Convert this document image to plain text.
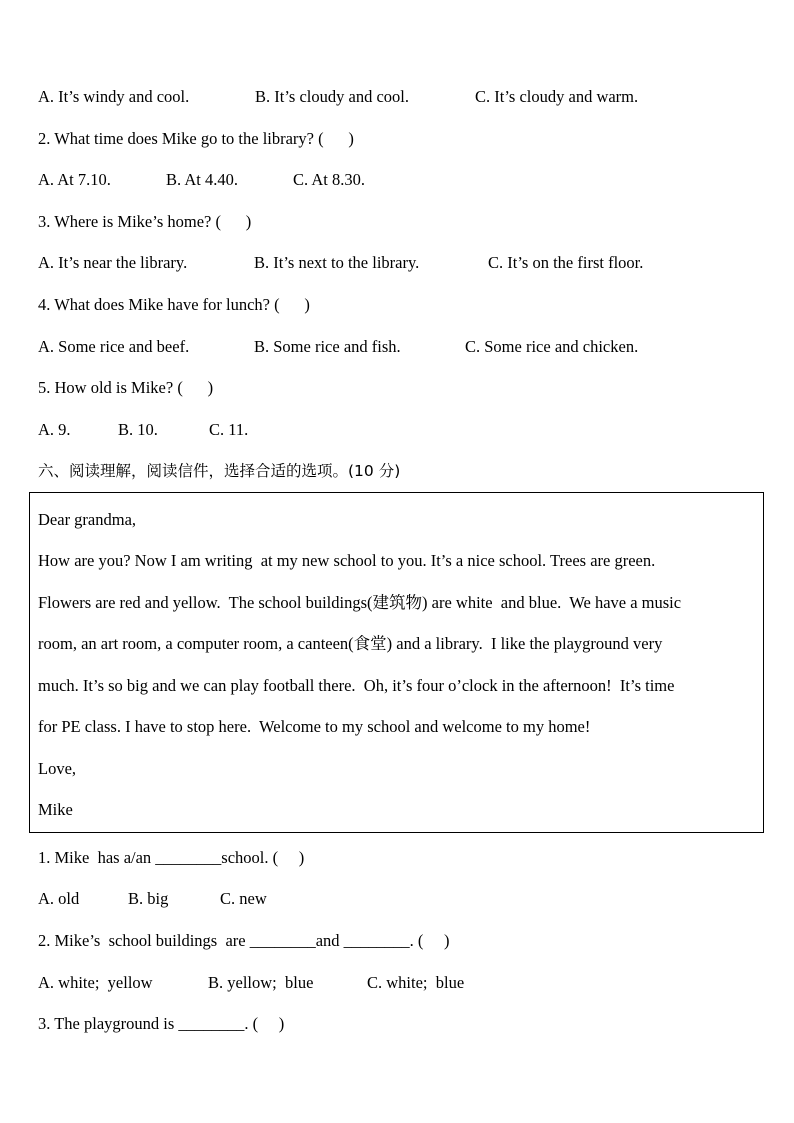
A. It’s windy and cool.	B. It’s cloudy and cool.	C. It’s cloudy and warm.
2. What time does Mike go to the library? (      )
A. At 7.10.	B. At 4.40.	C. At 8.30.
3. Where is Mike’s home? (      )
A. It’s near the library.	B. It’s next to the library.	C. It’s on the first floor.
4. What does Mike have for lunch? (      )
A. Some rice and beef.	B. Some rice and fish.	C. Some rice and chicken.
5. How old is Mike? (      )
A. 9.	B. 10.	C. 11.
六、阅读理解，阅读信件，选择合适的选项。(10 分)
Dear grandma,
How are you? Now I am writing  at my new school to you. It’s a nice school. Trees are green.
Flowers are red and yellow.  The school buildings(建筑物) are white  and blue.  We have a music
room, an art room, a computer room, a canteen(食堂) and a library.  I like the playground very
much. It’s so big and we can play football there.  Oh, it’s four o’clock in the afternoon!  It’s time
for PE class. I have to stop here.  Welcome to my school and welcome to my home!
Love,
Mike
1. Mike  has a/an ________school. (     )
A. old	B. big	C. new
2. Mike’s  school buildings  are ________and ________. (     )
A. white;  yellow	B. yellow;  blue	C. white;  blue
3. The playground is ________. (     )
